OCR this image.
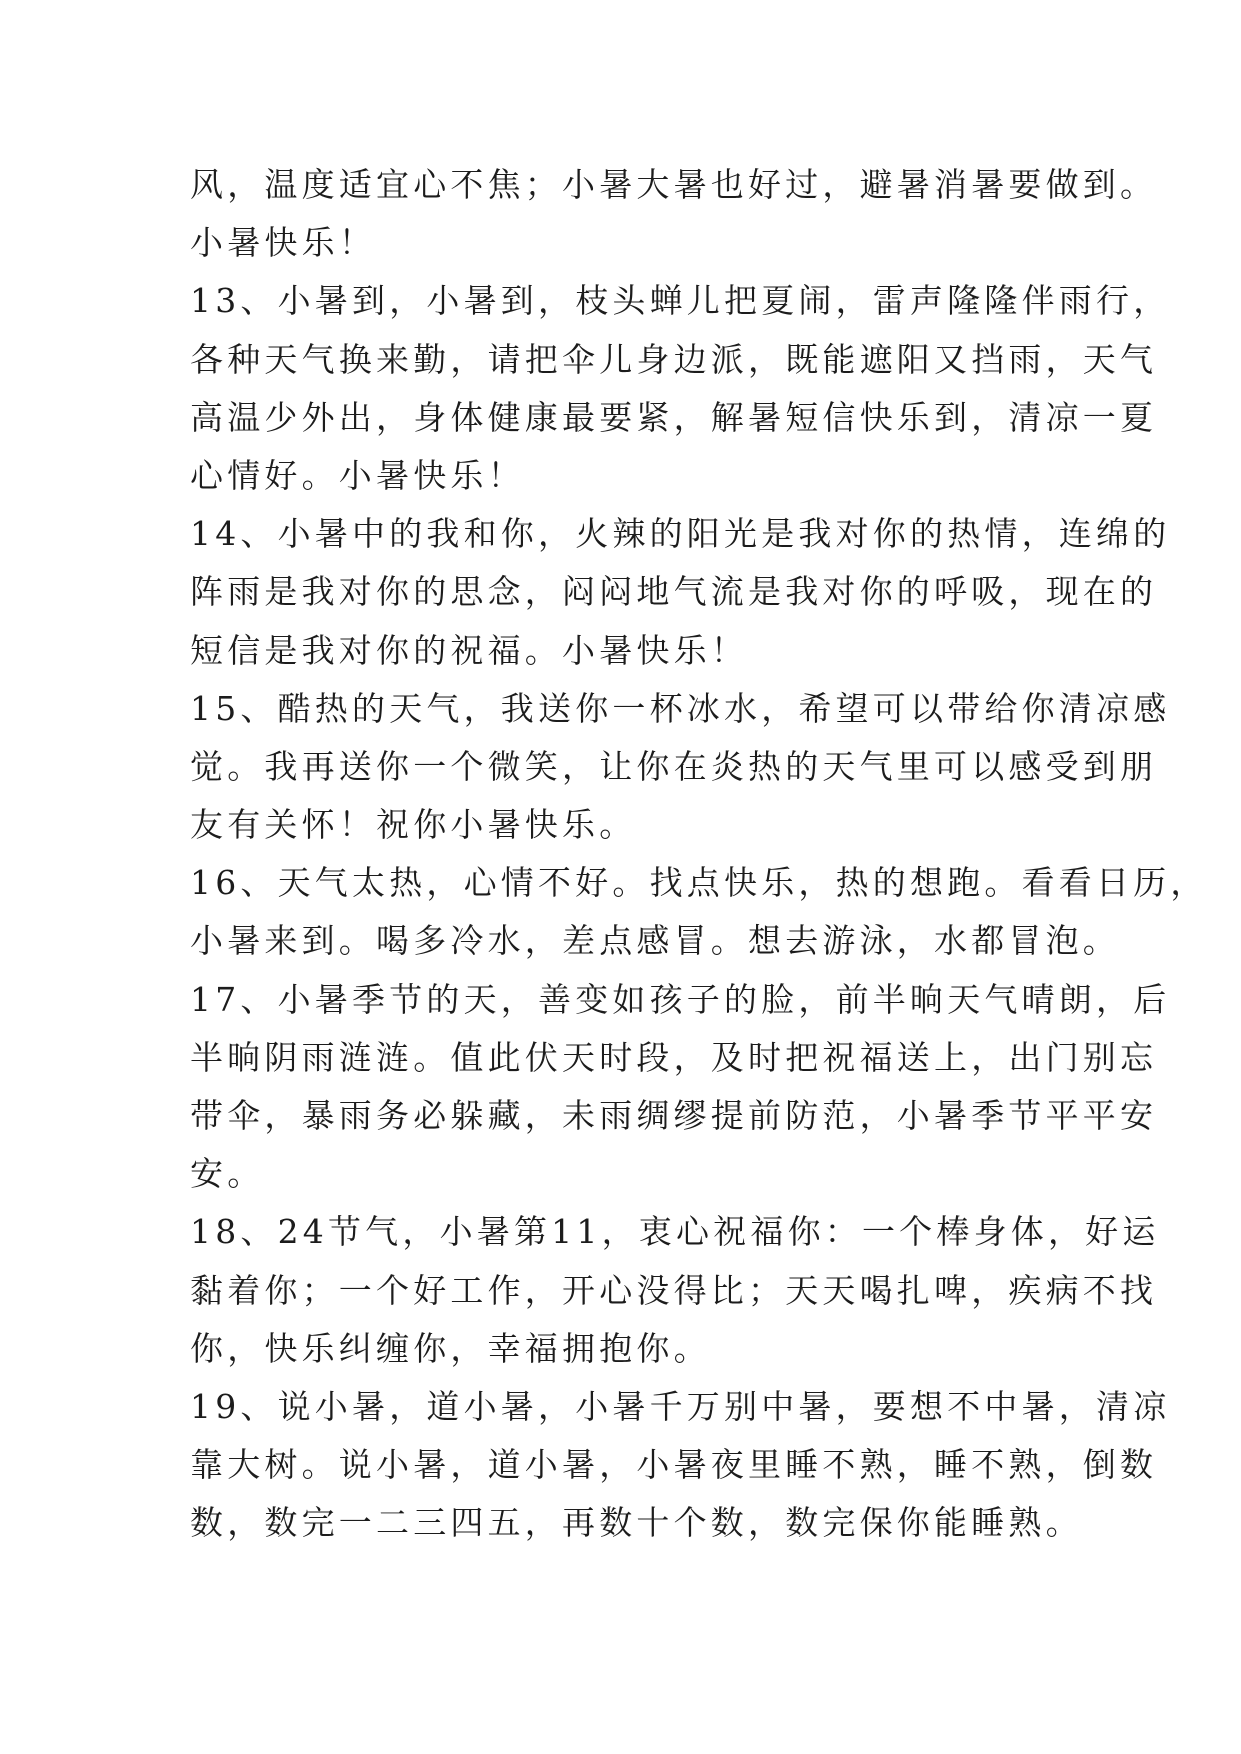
风，温度适宜心不焦；小暑大暑也好过，避暑消暑要做到。
小暑快乐！
13、小暑到，小暑到，枝头蝉儿把夏闹，雷声隆隆伴雨行，
各种天气换来勤，请把伞儿身边派，既能遮阳又挡雨，天气
高温少外出，身体健康最要紧，解暑短信快乐到，清凉一夏
心情好。小暑快乐！
14、小暑中的我和你，火辣的阳光是我对你的热情，连绵的
阵雨是我对你的思念，闷闷地气流是我对你的呼吸，现在的
短信是我对你的祝福。小暑快乐！
15、酷热的天气，我送你一杯冰水，希望可以带给你清凉感
觉。我再送你一个微笑，让你在炎热的天气里可以感受到朋
友有关怀！祝你小暑快乐。
16、天气太热，心情不好。找点快乐，热的想跑。看看日历，
小暑来到。喝多冷水，差点感冒。想去游泳，水都冒泡。
17、小暑季节的天，善变如孩子的脸，前半晌天气晴朗，后
半晌阴雨涟涟。值此伏天时段，及时把祝福送上，出门别忘
带伞，暴雨务必躲藏，未雨绸缪提前防范，小暑季节平平安
安。
18、24节气，小暑第11，衷心祝福你：一个棒身体，好运
黏着你；一个好工作，开心没得比；天天喝扎啤，疾病不找
你，快乐纠缠你，幸福拥抱你。
19、说小暑，道小暑，小暑千万别中暑，要想不中暑，清凉
靠大树。说小暑，道小暑，小暑夜里睡不熟，睡不熟，倒数
数，数完一二三四五，再数十个数，数完保你能睡熟。
